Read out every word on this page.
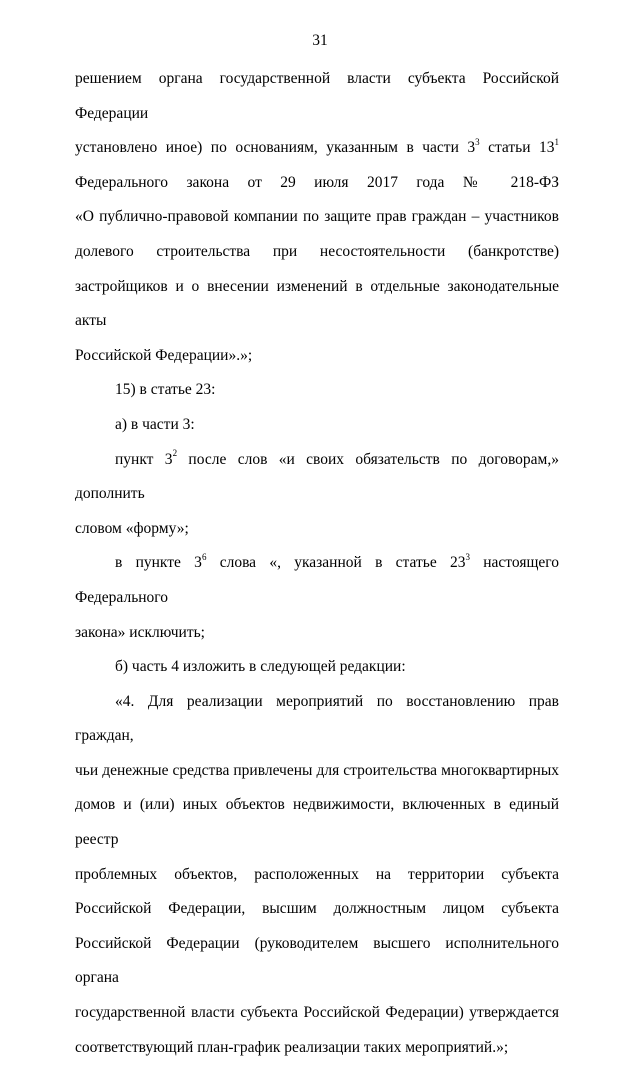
31

решением органа государственной власти субъекта Российской Федерации

установлено иное) по основаниям, указанным в части $3^3$ статьи $13^1$

Федерального закона от 29 июля 2017 года № 218-ФЗ

«О публично-правовой компании по защите прав граждан – участников

долевого строительства при несостоятельности (банкротстве)

застройщиков и о внесении изменений в отдельные законодательные акты

Российской Федерации».»;

15) в статье 23:

а) в части 3:

пункт $3^2$ после слов «и своих обязательств по договорам,» дополнить

словом «форму»;

в пункте $3^6$ слова «, указанной в статье $23^3$ настоящего Федерального

закона» исключить;

б) часть 4 изложить в следующей редакции:

«4. Для реализации мероприятий по восстановлению прав граждан,

чьи денежные средства привлечены для строительства многоквартирных

домов и (или) иных объектов недвижимости, включенных в единый реестр

проблемных объектов, расположенных на территории субъекта

Российской Федерации, высшим должностным лицом субъекта

Российской Федерации (руководителем высшего исполнительного органа

государственной власти субъекта Российской Федерации) утверждается

соответствующий план-график реализации таких мероприятий.»;
